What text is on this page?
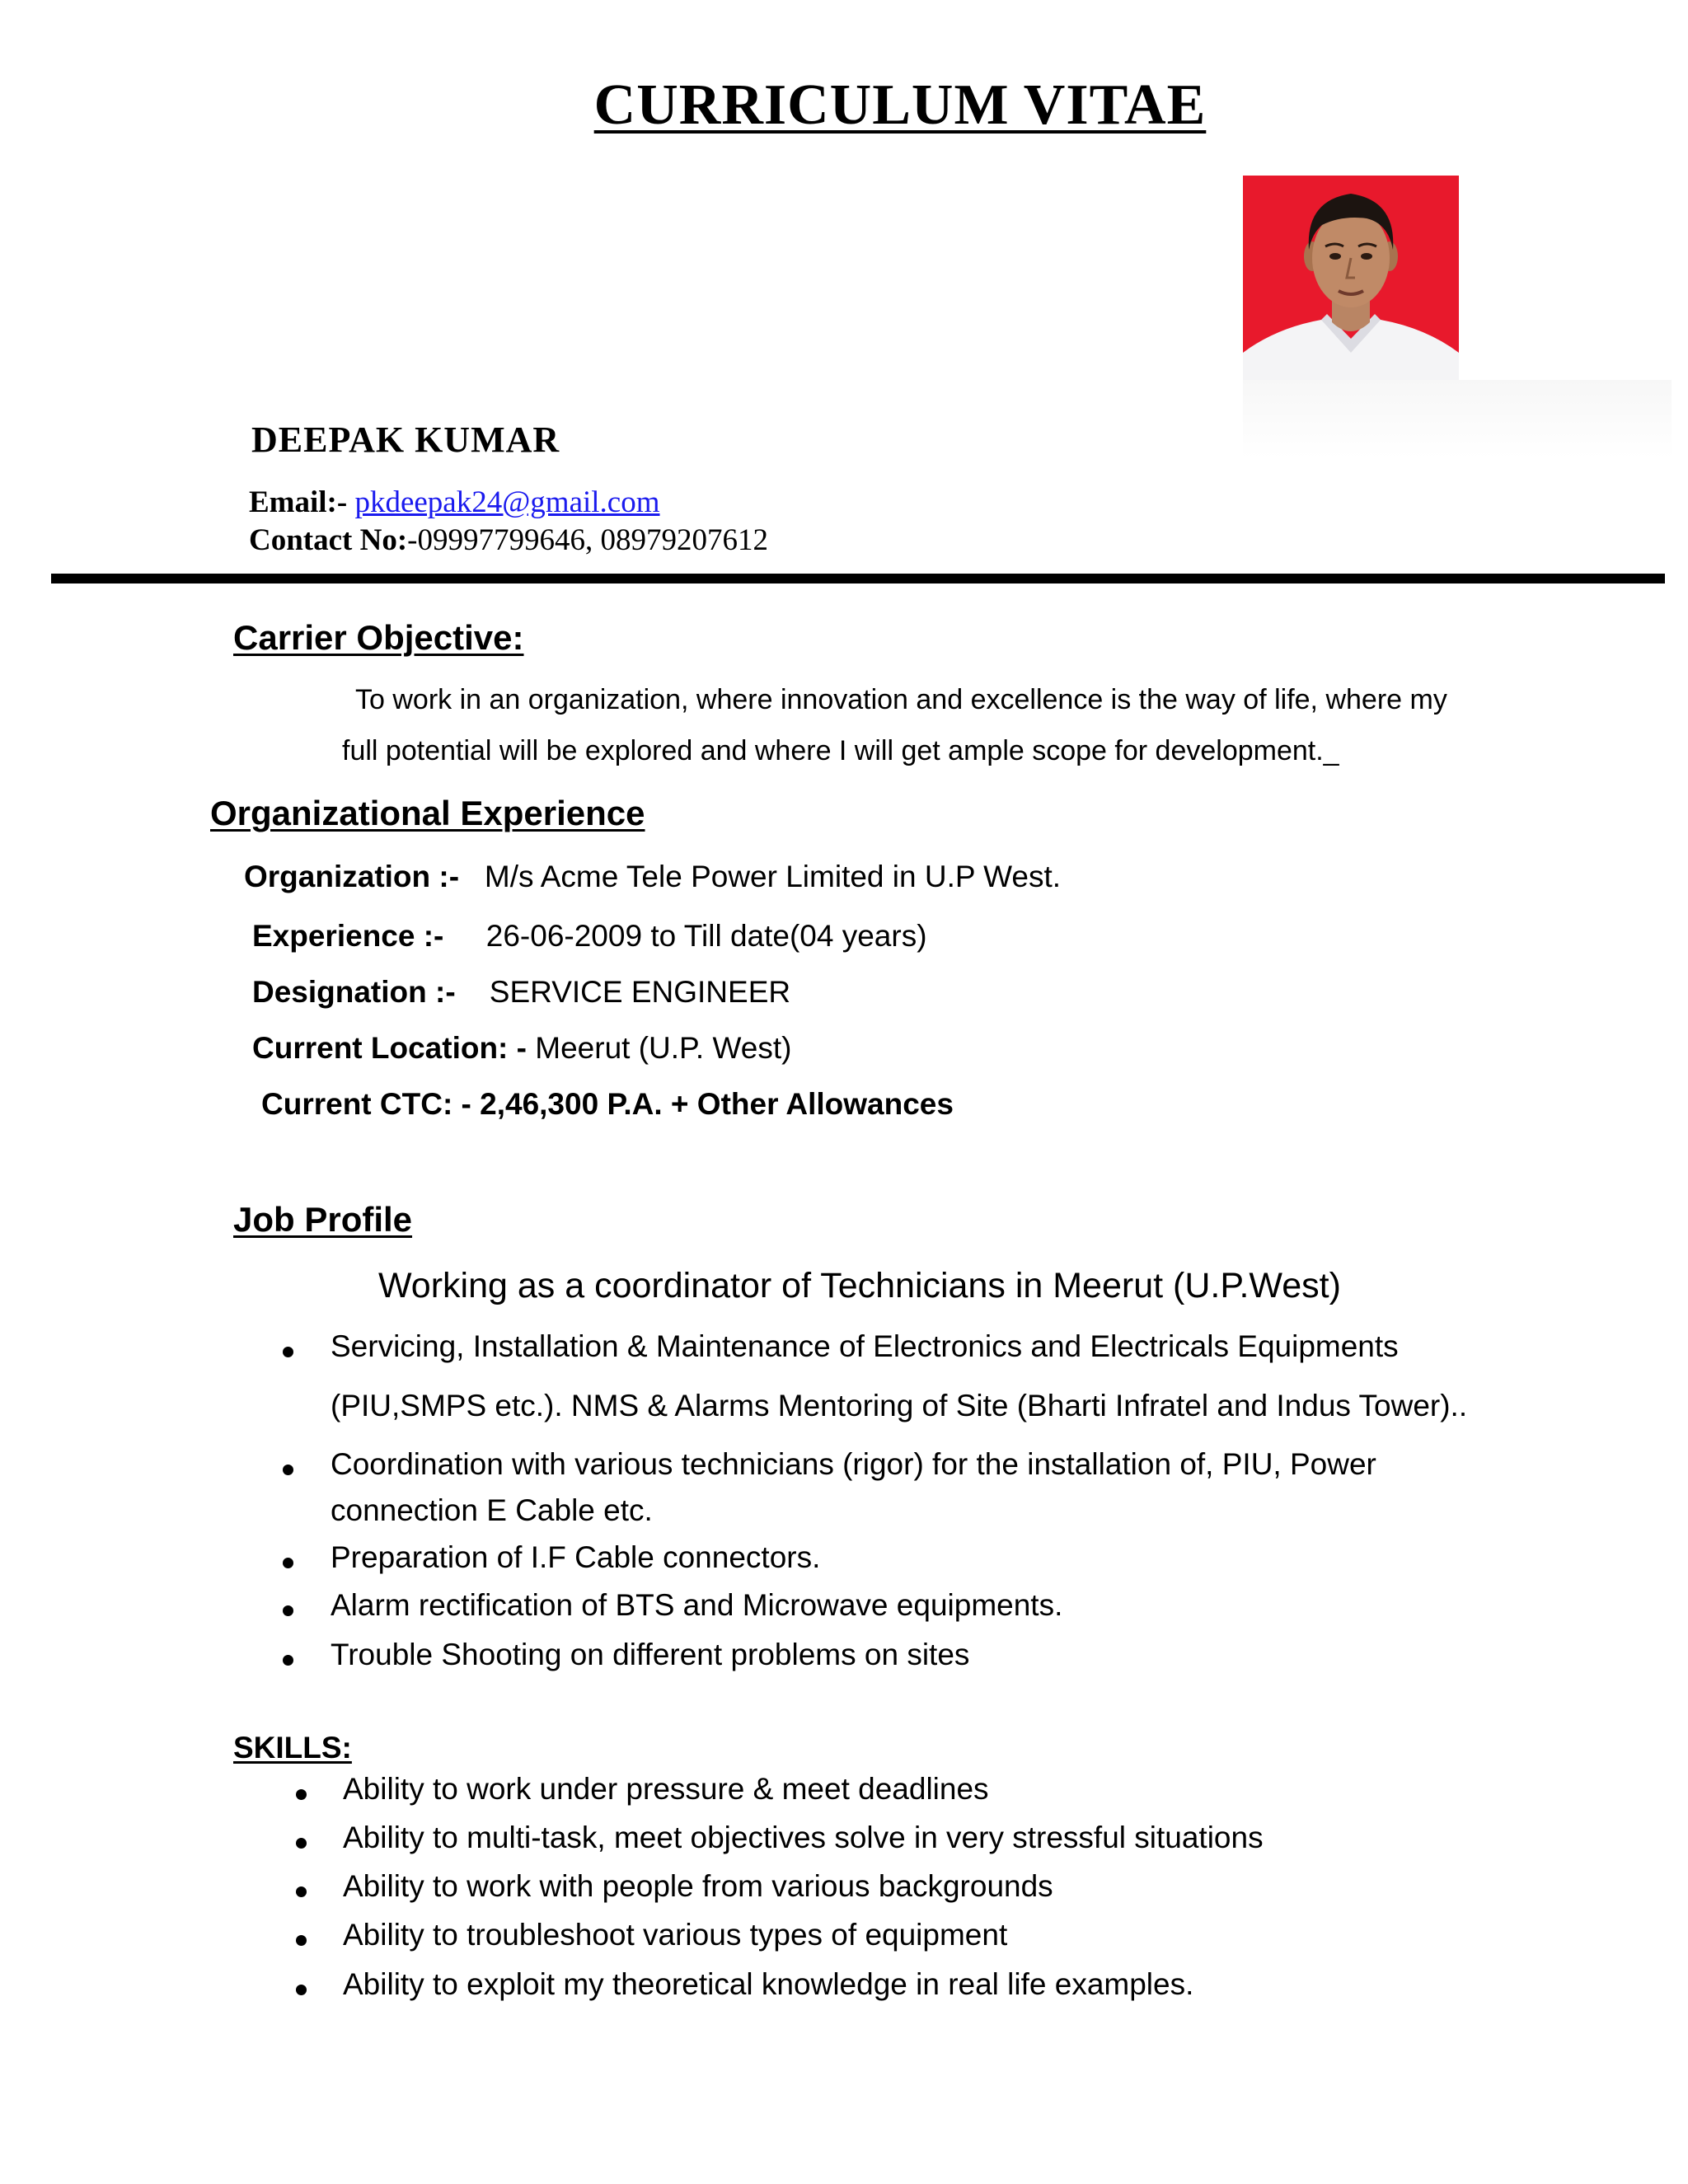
CURRICULUM VITAE
DEEPAK KUMAR
Email:- pkdeepak24@gmail.com
Contact No:-09997799646, 08979207612
Carrier Objective:
To work in an organization, where innovation and excellence is the way of life, where my
full potential will be explored and where I will get ample scope for development._
Organizational Experience
Organization :- M/s Acme Tele Power Limited in U.P West.
Experience :- 26-06-2009 to Till date(04 years)
Designation :- SERVICE ENGINEER
Current Location: - Meerut (U.P. West)
Current CTC: - 2,46,300 P.A. + Other Allowances
Job Profile
Working as a coordinator of Technicians in Meerut (U.P.West)
Servicing, Installation & Maintenance of Electronics and Electricals Equipments
(PIU,SMPS etc.). NMS & Alarms Mentoring of Site (Bharti Infratel and Indus Tower)..
Coordination with various technicians (rigor) for the installation of, PIU, Power
connection E Cable etc.
Preparation of I.F Cable connectors.
Alarm rectification of BTS and Microwave equipments.
Trouble Shooting on different problems on sites
SKILLS:
Ability to work under pressure & meet deadlines
Ability to multi-task, meet objectives solve in very stressful situations
Ability to work with people from various backgrounds
Ability to troubleshoot various types of equipment
Ability to exploit my theoretical knowledge in real life examples.
